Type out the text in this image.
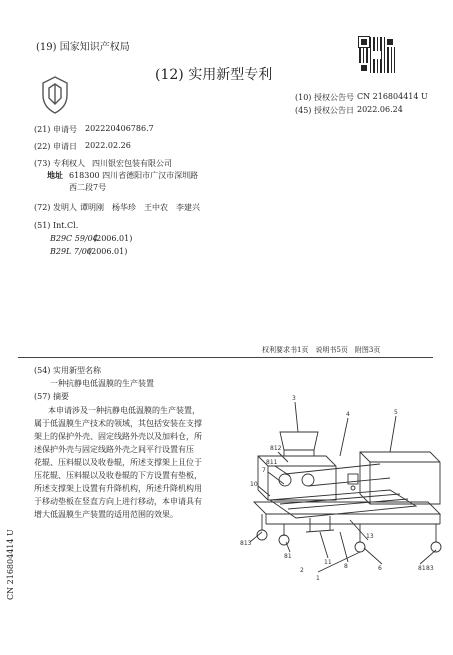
(19) 国家知识产权局
(12) 实用新型专利
(10) 授权公告号 CN 216804414 U
(45) 授权公告日 2022.06.24
(21) 申请号 202220406786.7
(22) 申请日 2022.02.26
(73) 专利权人 四川银宏包装有限公司
地址 618300 四川省德阳市广汉市深圳路
西二段7号
(72) 发明人 谭明刚　杨华珍　王中农　李建兴
(51) Int.Cl.
B29C 59/04
(2006.01)
B29L 7/00
(2006.01)
权利要求书1页　说明书5页　附图3页
(54) 实用新型名称
一种抗静电低温膜的生产装置
(57) 摘要
本申请涉及一种抗静电低温膜的生产装置，
属于低温膜生产技术的领域，其包括安装在支撑
架上的保护外壳、固定线路外壳以及加料仓，所
述保护外壳与固定线路外壳之间平行设置有压
花辊、压料辊以及收卷辊，所述支撑架上且位于
压花辊、压料辊以及收卷辊的下方设置有垫板，
所述支撑架上设置有升降机构，所述升降机构用
于移动垫板在竖直方向上进行移动，本申请具有
增大低温膜生产装置的适用范围的效果。
CN 216804414 U
3
4	5
812
811
7
10
813
13
81
11
8	6	81 83
2
1
